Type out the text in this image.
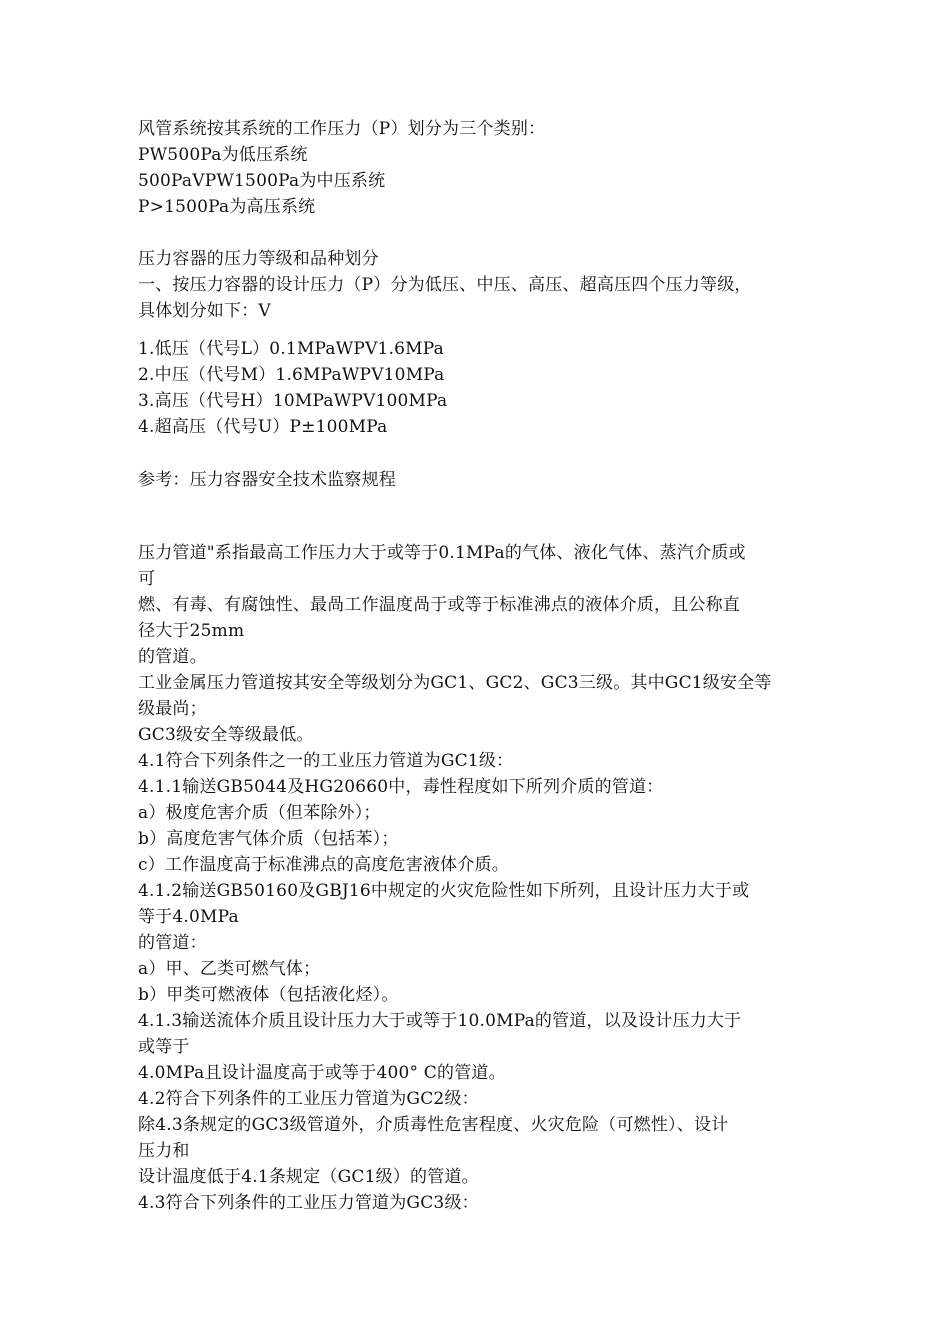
风管系统按其系统的工作压力（P）划分为三个类别：
PW500Pa为低压系统
500PaVPW1500Pa为中压系统
P>1500Pa为高压系统
压力容器的压力等级和品种划分
一、按压力容器的设计压力（P）分为低压、中压、高压、超高压四个压力等级，
具体划分如下：V
1.低压（代号L）0.1MPaWPV1.6MPa
2.中压（代号M）1.6MPaWPV10MPa
3.高压（代号H）10MPaWPV100MPa
4.超高压（代号U）P±100MPa
参考：压力容器安全技术监察规程
压力管道"系指最高工作压力大于或等于0.1MPa的气体、液化气体、蒸汽介质或
可
燃、有毒、有腐蚀性、最咼工作温度咼于或等于标准沸点的液体介质，且公称直
径大于25mm
的管道。
工业金属压力管道按其安全等级划分为GC1、GC2、GC3三级。其中GC1级安全等
级最尚；
GC3级安全等级最低。
4.1符合下列条件之一的工业压力管道为GC1级：
4.1.1输送GB5044及HG20660中，毒性程度如下所列介质的管道：
a）极度危害介质（但苯除外）；
b）高度危害气体介质（包括苯）；
c）工作温度高于标准沸点的高度危害液体介质。
4.1.2输送GB50160及GBJ16中规定的火灾危险性如下所列，且设计压力大于或
等于4.0MPa
的管道：
a）甲、乙类可燃气体；
b）甲类可燃液体（包括液化烃）。
4.1.3输送流体介质且设计压力大于或等于10.0MPa的管道，以及设计压力大于
或等于
4.0MPa且设计温度高于或等于400° C的管道。
4.2符合下列条件的工业压力管道为GC2级：
除4.3条规定的GC3级管道外，介质毒性危害程度、火灾危险（可燃性）、设计
压力和
设计温度低于4.1条规定（GC1级）的管道。
4.3符合下列条件的工业压力管道为GC3级：
